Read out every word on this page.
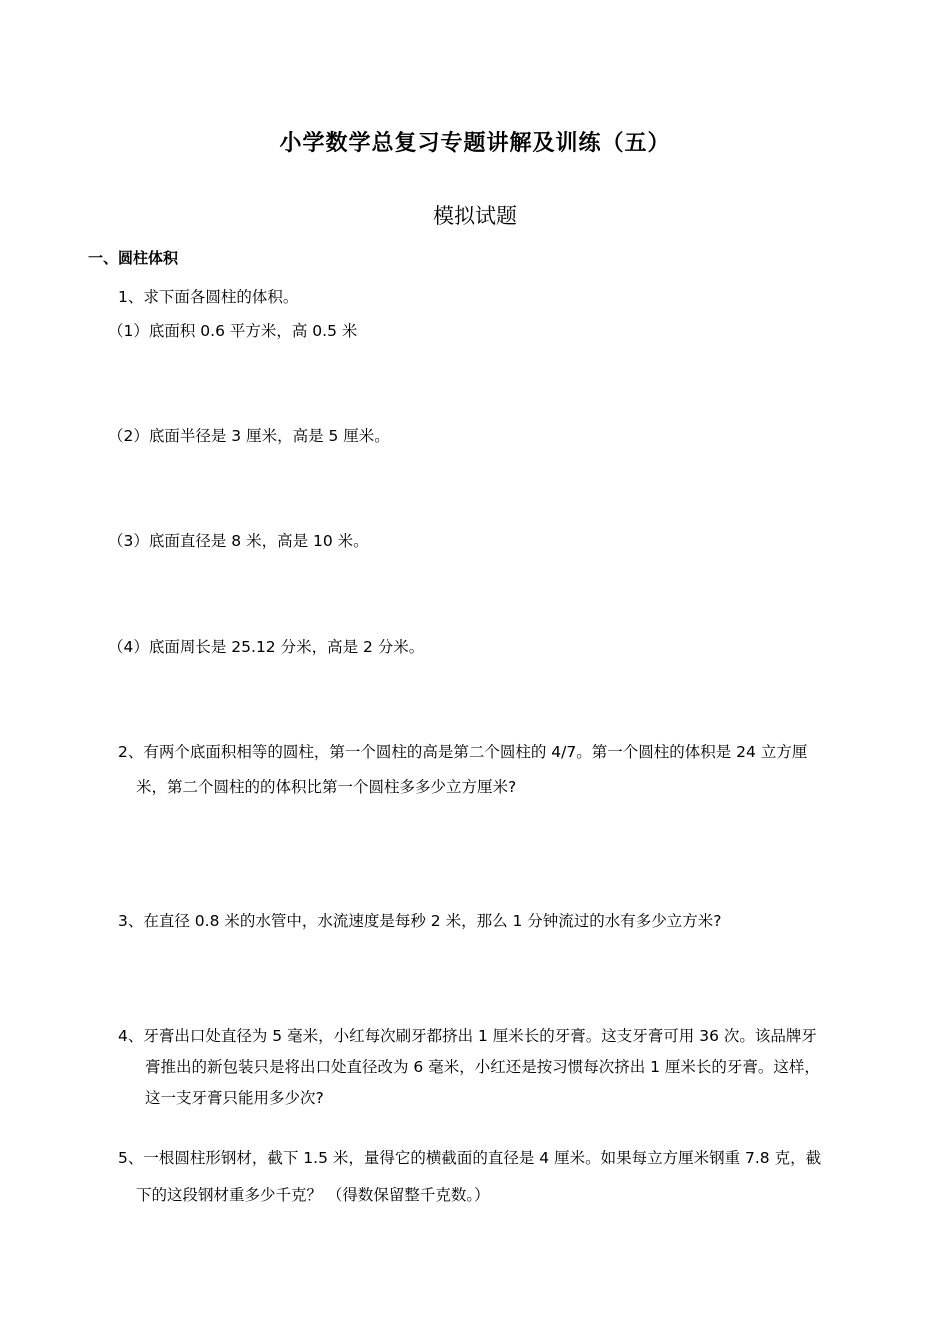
小学数学总复习专题讲解及训练（五）
模拟试题
一、圆柱体积
1、求下面各圆柱的体积。
（1）底面积 0.6 平方米，高 0.5 米
（2）底面半径是 3 厘米，高是 5 厘米。
（3）底面直径是 8 米，高是 10 米。
（4）底面周长是 25.12 分米，高是 2 分米。
2、有两个底面积相等的圆柱，第一个圆柱的高是第二个圆柱的 4/7。第一个圆柱的体积是 24 立方厘
米，第二个圆柱的的体积比第一个圆柱多多少立方厘米?
3、在直径 0.8 米的水管中，水流速度是每秒 2 米，那么 1 分钟流过的水有多少立方米?
4、牙膏出口处直径为 5 毫米，小红每次刷牙都挤出 1 厘米长的牙膏。这支牙膏可用 36 次。该品牌牙
膏推出的新包装只是将出口处直径改为 6 毫米，小红还是按习惯每次挤出 1 厘米长的牙膏。这样，
这一支牙膏只能用多少次?
5、一根圆柱形钢材，截下 1.5 米，量得它的横截面的直径是 4 厘米。如果每立方厘米钢重 7.8 克，截
下的这段钢材重多少千克？ （得数保留整千克数。）
